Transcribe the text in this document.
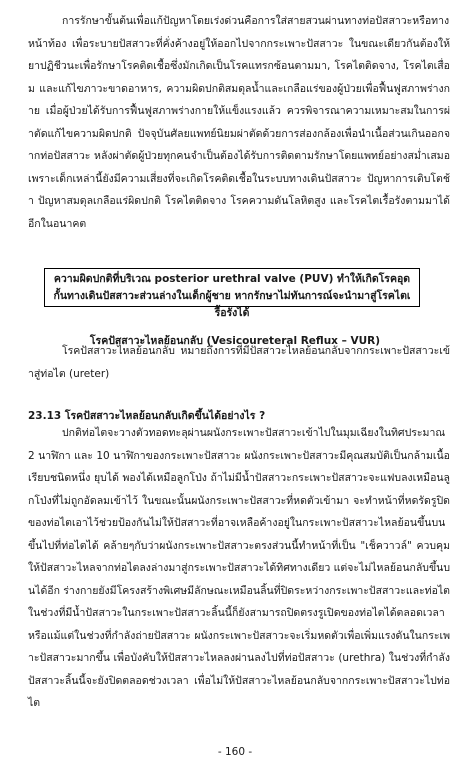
การรักษาขั้นต้นเพื่อแก้ปัญหาโดยเร่งด่วนคือการใส่สายสวนผ่านทางท่อปัสสาวะหรือทางหน้าท้อง เพื่อระบายปัสสาวะที่คั่งค้างอยู่ให้ออกไปจากกระเพาะปัสสาวะ ในขณะเดียวกันต้องให้ยาปฏิชีวนะเพื่อรักษาโรคติดเชื้อซึ่งมักเกิดเป็นโรคแทรกซ้อนตามมา, โรคไตติดจาง, โรคไตเสื่อม และแก้ไขภาวะขาดอาหาร, ความผิดปกติสมดุลน้ำและเกลือแร่ของผู้ป่วยเพื่อฟื้นฟูสภาพร่างกาย เมื่อผู้ป่วยได้รับการฟื้นฟูสภาพร่างกายให้แข็งแรงแล้ว ควรพิจารณาความเหมาะสมในการผ่าตัดแก้ไขความผิดปกติ ปัจจุบันศัลยแพทย์นิยมผ่าตัดด้วยการส่องกล้องเพื่อนำเนื้อส่วนเกินออกจากท่อปัสสาวะ หลังผ่าตัดผู้ป่วยทุกคนจำเป็นต้องได้รับการติดตามรักษาโดยแพทย์อย่างสม่ำเสมอ เพราะเด็กเหล่านี้ยังมีความเสี่ยงที่จะเกิดโรคติดเชื้อในระบบทางเดินปัสสาวะ ปัญหาการเติบโตช้า ปัญหาสมดุลเกลือแร่ผิดปกติ โรคไตติดจาง โรคความดันโลหิตสูง และโรคไตเรื้อรังตามมาได้อีกในอนาคต

ความผิดปกติที่บริเวณ posterior urethral valve (PUV) ทำให้เกิดโรคอุดกั้นทางเดินปัสสาวะส่วนล่างในเด็กผู้ชาย หากรักษาไม่ทันการณ์จะนำมาสู่โรคไตเรื้อรังได้
โรคปัสสาวะไหลย้อนกลับ (Vesicoureteral Reflux – VUR)

โรคปัสสาวะไหลย้อนกลับ หมายถึงการที่มีปัสสาวะไหลย้อนกลับจากกระเพาะปัสสาวะเข้าสู่ท่อไต (ureter)

23.13 โรคปัสสาวะไหลย้อนกลับเกิดขึ้นได้อย่างไร ?

ปกติท่อไตจะวางตัวทอดทะลุผ่านผนังกระเพาะปัสสาวะเข้าไปในมุมเฉียงในทิศประมาณ 2 นาฬิกา และ 10 นาฬิกาของกระเพาะปัสสาวะ ผนังกระเพาะปัสสาวะมีคุณสมบัติเป็นกล้ามเนื้อเรียบชนิดหนึ่ง ยุบได้ พองได้เหมือลูกโป่ง ถ้าไม่มีน้ำปัสสาวะกระเพาะปัสสาวะจะแฟบลงเหมือนลูกโป่งที่ไม่ถูกอัดลมเข้าไว้ ในขณะนั้นผนังกระเพาะปัสสาวะที่หดตัวเข้ามา จะทำหน้าที่หดรัดรูปิดของท่อไตเอาไว้ช่วยป้องกันไม่ให้ปัสสาวะที่อาจเหลือค้างอยู่ในกระเพาะปัสสาวะไหลย้อนขึ้นบนขึ้นไปที่ท่อไตได้ คล้ายๆกับว่าผนังกระเพาะปัสสาวะตรงส่วนนี้ทำหน้าที่เป็น "เช็ควาวล์" ควบคุมให้ปัสสาวะไหลจากท่อไตลงล่างมาสู่กระเพาะปัสสาวะได้ทิศทางเดียว แต่จะไม่ไหลย้อนกลับขึ้นบนได้อีก ร่างกายยังมีโครงสร้างพิเศษมีลักษณะเหมือนลิ้นที่ปิดระหว่างกระเพาะปัสสาวะและท่อไต ในช่วงที่มีน้ำปัสสาวะในกระเพาะปัสสาวะลิ้นนี้ก็ยังสามารถปิดตรงรูเปิดของท่อไตได้ตลอดเวลา หรือแม้แต่ในช่วงที่กำลังถ่ายปัสสาวะ ผนังกระเพาะปัสสาวะจะเริ่มหดตัวเพื่อเพิ่มแรงดันในกระเพาะปัสสาวะมากขึ้น เพื่อบังคับให้ปัสสาวะไหลลงผ่านลงไปที่ท่อปัสสาวะ (urethra) ในช่วงที่กำลังปัสสาวะลิ้นนี้จะยังปิดตลอดช่วงเวลา เพื่อไม่ให้ปัสสาวะไหลย้อนกลับจากกระเพาะปัสสาวะไปท่อไต

- 160 -
